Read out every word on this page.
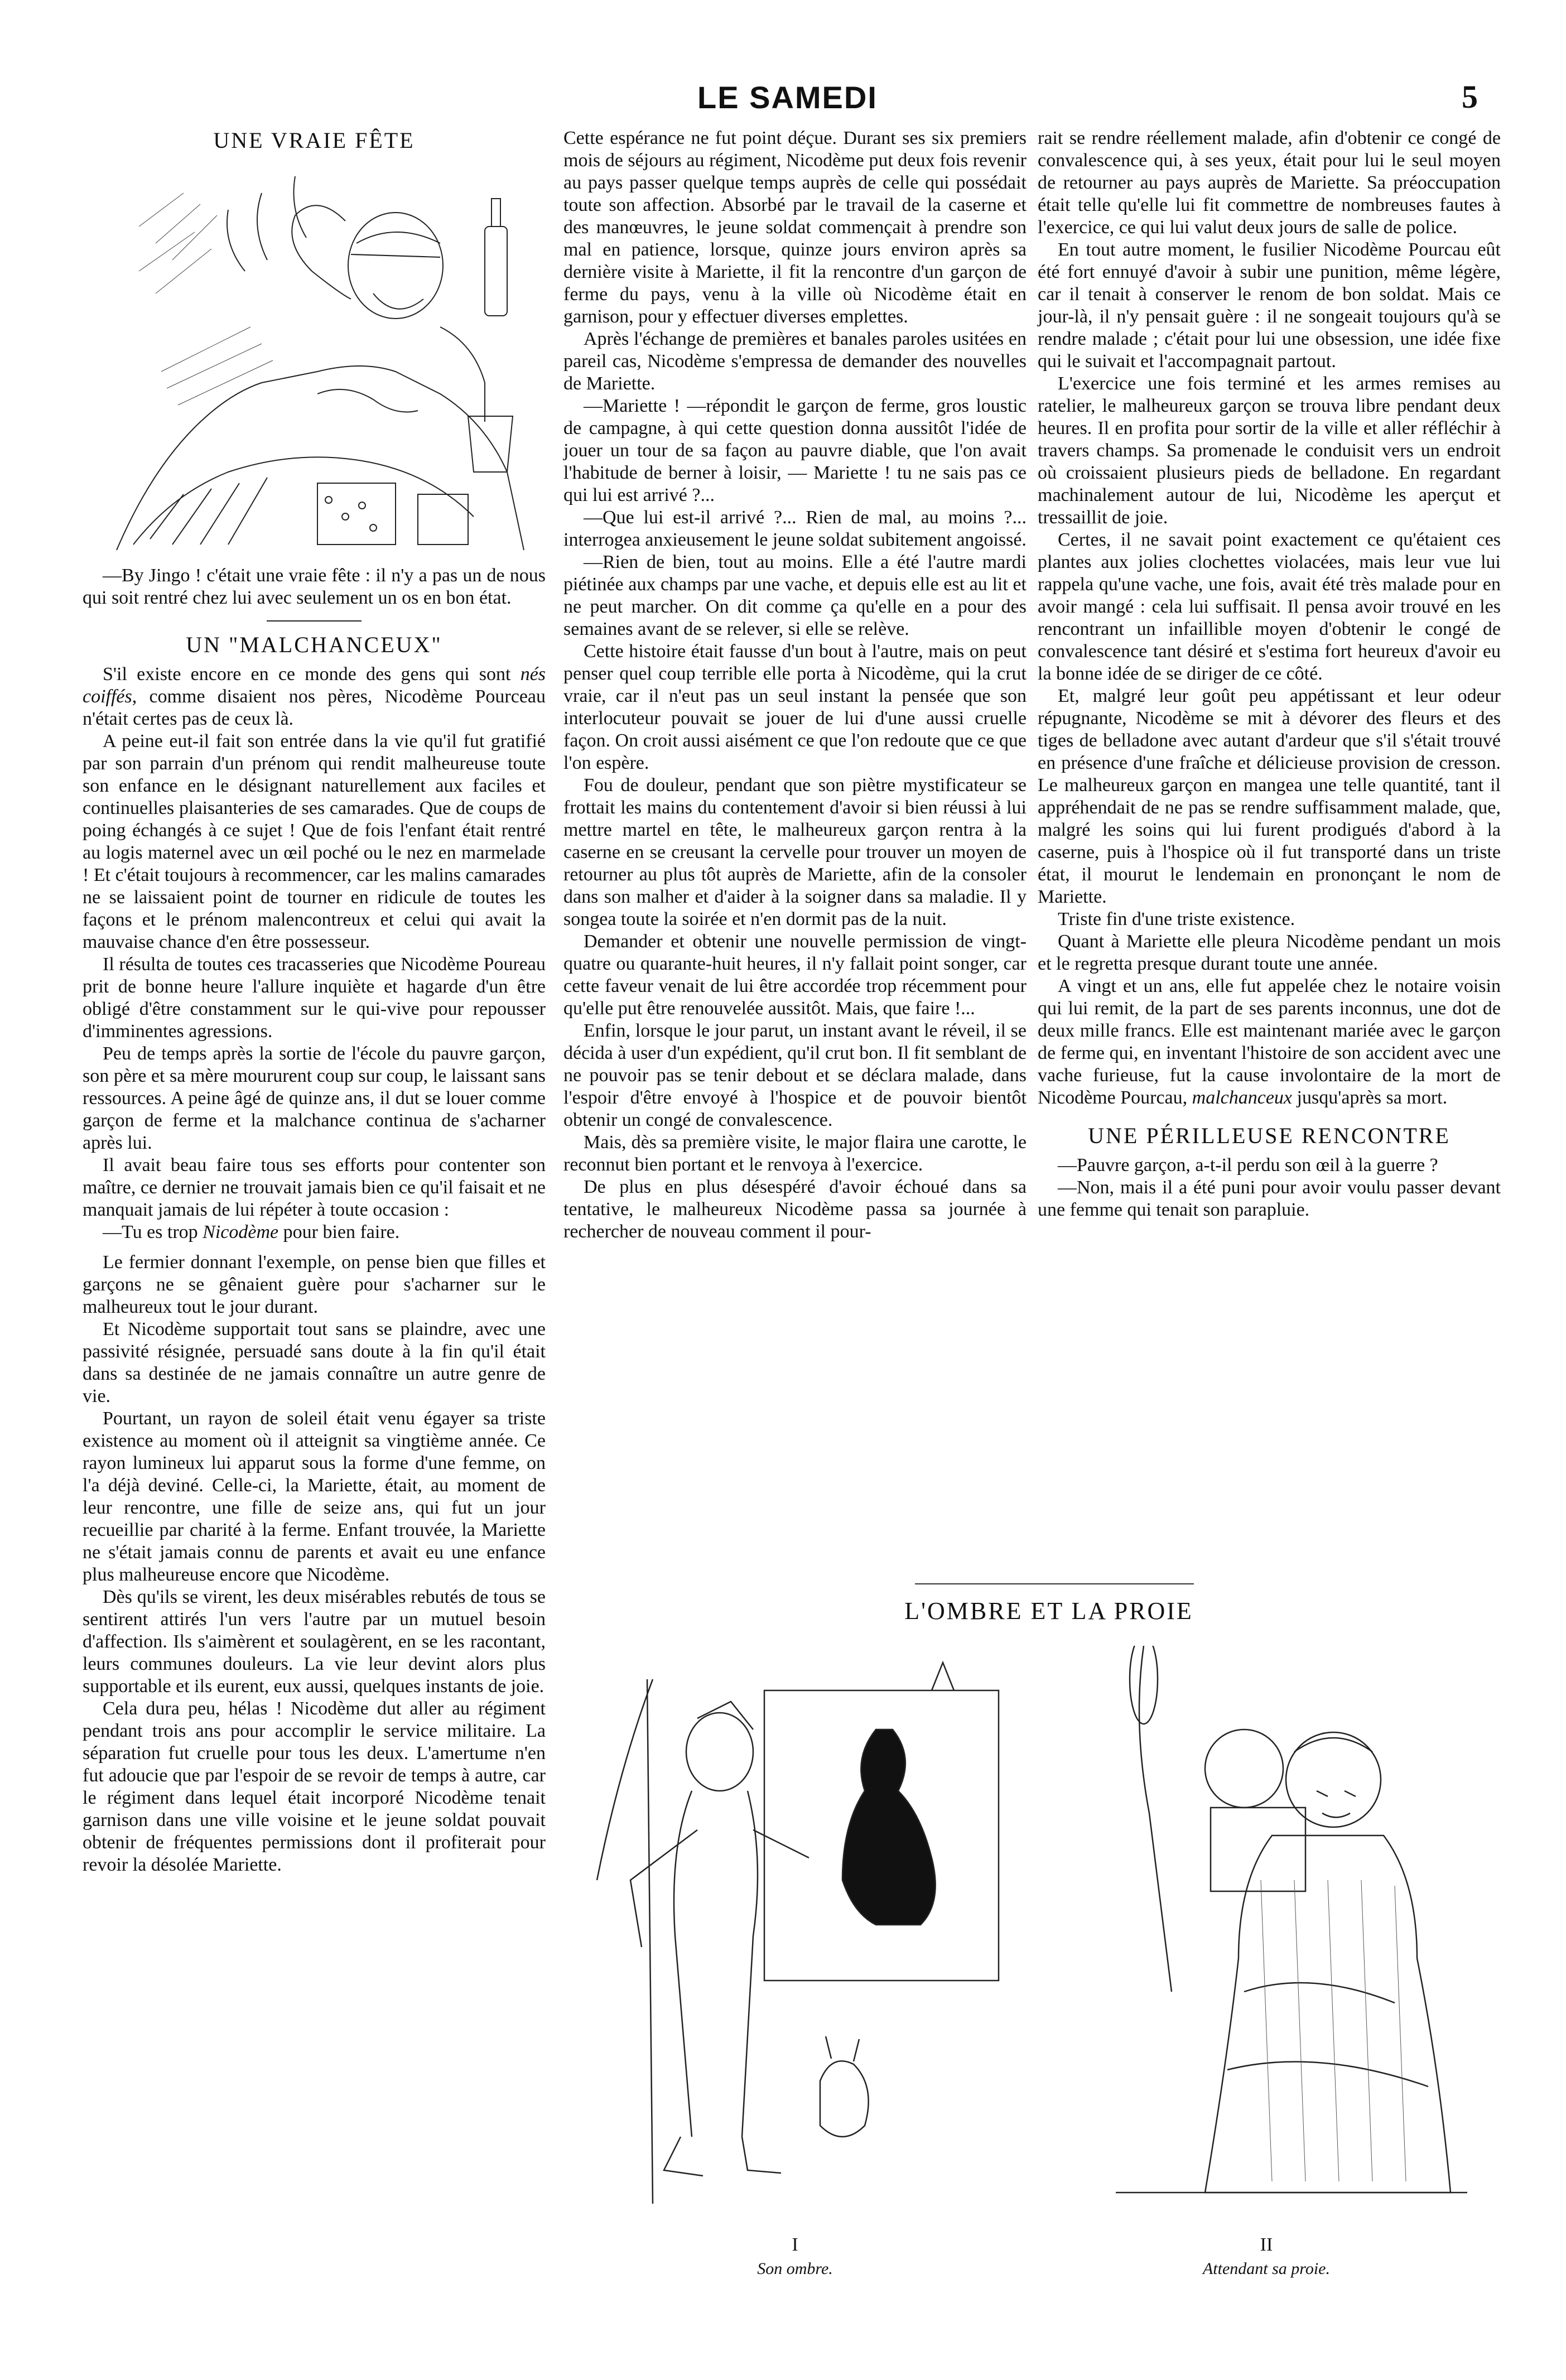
LE SAMEDI	5
UNE VRAIE FÊTE

—By Jingo ! c'était une vraie fête : il n'y a pas un de nous qui soit rentré chez lui avec seulement un os en bon état.

UN "MALCHANCEUX"

S'il existe encore en ce monde des gens qui sont nés coiffés, comme disaient nos pères, Nicodème Pourceau n'était certes pas de ceux là.

A peine eut-il fait son entrée dans la vie qu'il fut gratifié par son parrain d'un prénom qui rendit malheureuse toute son enfance en le désignant naturellement aux faciles et continuelles plaisanteries de ses camarades. Que de coups de poing échangés à ce sujet ! Que de fois l'enfant était rentré au logis maternel avec un œil poché ou le nez en marmelade ! Et c'était toujours à recommencer, car les malins camarades ne se laissaient point de tourner en ridicule de toutes les façons et le prénom malencontreux et celui qui avait la mauvaise chance d'en être possesseur.

Il résulta de toutes ces tracasseries que Nicodème Poureau prit de bonne heure l'allure inquiète et hagarde d'un être obligé d'être constamment sur le qui-vive pour repousser d'imminentes agressions.

Peu de temps après la sortie de l'école du pauvre garçon, son père et sa mère moururent coup sur coup, le laissant sans ressources. A peine âgé de quinze ans, il dut se louer comme garçon de ferme et la malchance continua de s'acharner après lui.

Il avait beau faire tous ses efforts pour contenter son maître, ce dernier ne trouvait jamais bien ce qu'il faisait et ne manquait jamais de lui répéter à toute occasion :

—Tu es trop Nicodème pour bien faire.

Le fermier donnant l'exemple, on pense bien que filles et garçons ne se gênaient guère pour s'acharner sur le malheureux tout le jour durant.

Et Nicodème supportait tout sans se plaindre, avec une passivité résignée, persuadé sans doute à la fin qu'il était dans sa destinée de ne jamais connaître un autre genre de vie.

Pourtant, un rayon de soleil était venu égayer sa triste existence au moment où il atteignit sa vingtième année. Ce rayon lumineux lui apparut sous la forme d'une femme, on l'a déjà deviné. Celle-ci, la Mariette, était, au moment de leur rencontre, une fille de seize ans, qui fut un jour recueillie par charité à la ferme. Enfant trouvée, la Mariette ne s'était jamais connu de parents et avait eu une enfance plus malheureuse encore que Nicodème.

Dès qu'ils se virent, les deux misérables rebutés de tous se sentirent attirés l'un vers l'autre par un mutuel besoin d'affection. Ils s'aimèrent et soulagèrent, en se les racontant, leurs communes douleurs. La vie leur devint alors plus supportable et ils eurent, eux aussi, quelques instants de joie.

Cela dura peu, hélas ! Nicodème dut aller au régiment pendant trois ans pour accomplir le service militaire. La séparation fut cruelle pour tous les deux. L'amertume n'en fut adoucie que par l'espoir de se revoir de temps à autre, car le régiment dans lequel était incorporé Nicodème tenait garnison dans une ville voisine et le jeune soldat pouvait obtenir de fréquentes permissions dont il profiterait pour revoir la désolée Mariette.

Cette espérance ne fut point déçue. Durant ses six premiers mois de séjours au régiment, Nicodème put deux fois revenir au pays passer quelque temps auprès de celle qui possédait toute son affection. Absorbé par le travail de la caserne et des manœuvres, le jeune soldat commençait à prendre son mal en patience, lorsque, quinze jours environ après sa dernière visite à Mariette, il fit la rencontre d'un garçon de ferme du pays, venu à la ville où Nicodème était en garnison, pour y effectuer diverses emplettes.

Après l'échange de premières et banales paroles usitées en pareil cas, Nicodème s'empressa de demander des nouvelles de Mariette.

—Mariette ! —répondit le garçon de ferme, gros loustic de campagne, à qui cette question donna aussitôt l'idée de jouer un tour de sa façon au pauvre diable, que l'on avait l'habitude de berner à loisir, — Mariette ! tu ne sais pas ce qui lui est arrivé ?...

—Que lui est-il arrivé ?... Rien de mal, au moins ?... interrogea anxieusement le jeune soldat subitement angoissé.

—Rien de bien, tout au moins. Elle a été l'autre mardi piétinée aux champs par une vache, et depuis elle est au lit et ne peut marcher. On dit comme ça qu'elle en a pour des semaines avant de se relever, si elle se relève.

Cette histoire était fausse d'un bout à l'autre, mais on peut penser quel coup terrible elle porta à Nicodème, qui la crut vraie, car il n'eut pas un seul instant la pensée que son interlocuteur pouvait se jouer de lui d'une aussi cruelle façon. On croit aussi aisément ce que l'on redoute que ce que l'on espère.

Fou de douleur, pendant que son piètre mystificateur se frottait les mains du contentement d'avoir si bien réussi à lui mettre martel en tête, le malheureux garçon rentra à la caserne en se creusant la cervelle pour trouver un moyen de retourner au plus tôt auprès de Mariette, afin de la consoler dans son malher et d'aider à la soigner dans sa maladie. Il y songea toute la soirée et n'en dormit pas de la nuit.

Demander et obtenir une nouvelle permission de vingt-quatre ou quarante-huit heures, il n'y fallait point songer, car cette faveur venait de lui être accordée trop récemment pour qu'elle put être renouvelée aussitôt. Mais, que faire !...

Enfin, lorsque le jour parut, un instant avant le réveil, il se décida à user d'un expédient, qu'il crut bon. Il fit semblant de ne pouvoir pas se tenir debout et se déclara malade, dans l'espoir d'être envoyé à l'hospice et de pouvoir bientôt obtenir un congé de convalescence.

Mais, dès sa première visite, le major flaira une carotte, le reconnut bien portant et le renvoya à l'exercice.

De plus en plus désespéré d'avoir échoué dans sa tentative, le malheureux Nicodème passa sa journée à rechercher de nouveau comment il pour-

rait se rendre réellement malade, afin d'obtenir ce congé de convalescence qui, à ses yeux, était pour lui le seul moyen de retourner au pays auprès de Mariette. Sa préoccupation était telle qu'elle lui fit commettre de nombreuses fautes à l'exercice, ce qui lui valut deux jours de salle de police.

En tout autre moment, le fusilier Nicodème Pourcau eût été fort ennuyé d'avoir à subir une punition, même légère, car il tenait à conserver le renom de bon soldat. Mais ce jour-là, il n'y pensait guère : il ne songeait toujours qu'à se rendre malade ; c'était pour lui une obsession, une idée fixe qui le suivait et l'accompagnait partout.

L'exercice une fois terminé et les armes remises au ratelier, le malheureux garçon se trouva libre pendant deux heures. Il en profita pour sortir de la ville et aller réfléchir à travers champs. Sa promenade le conduisit vers un endroit où croissaient plusieurs pieds de belladone. En regardant machinalement autour de lui, Nicodème les aperçut et tressaillit de joie.

Certes, il ne savait point exactement ce qu'étaient ces plantes aux jolies clochettes violacées, mais leur vue lui rappela qu'une vache, une fois, avait été très malade pour en avoir mangé : cela lui suffisait. Il pensa avoir trouvé en les rencontrant un infaillible moyen d'obtenir le congé de convalescence tant désiré et s'estima fort heureux d'avoir eu la bonne idée de se diriger de ce côté.

Et, malgré leur goût peu appétissant et leur odeur répugnante, Nicodème se mit à dévorer des fleurs et des tiges de belladone avec autant d'ardeur que s'il s'était trouvé en présence d'une fraîche et délicieuse provision de cresson. Le malheureux garçon en mangea une telle quantité, tant il appréhendait de ne pas se rendre suffisamment malade, que, malgré les soins qui lui furent prodigués d'abord à la caserne, puis à l'hospice où il fut transporté dans un triste état, il mourut le lendemain en prononçant le nom de Mariette.

Triste fin d'une triste existence.

Quant à Mariette elle pleura Nicodème pendant un mois et le regretta presque durant toute une année.

A vingt et un ans, elle fut appelée chez le notaire voisin qui lui remit, de la part de ses parents inconnus, une dot de deux mille francs. Elle est maintenant mariée avec le garçon de ferme qui, en inventant l'histoire de son accident avec une vache furieuse, fut la cause involontaire de la mort de Nicodème Pourcau, malchanceux jusqu'après sa mort.

UNE PÉRILLEUSE RENCONTRE

—Pauvre garçon, a-t-il perdu son œil à la guerre ?

—Non, mais il a été puni pour avoir voulu passer devant une femme qui tenait son parapluie.

L'OMBRE ET LA PROIE
I
Son ombre.
II
Attendant sa proie.
